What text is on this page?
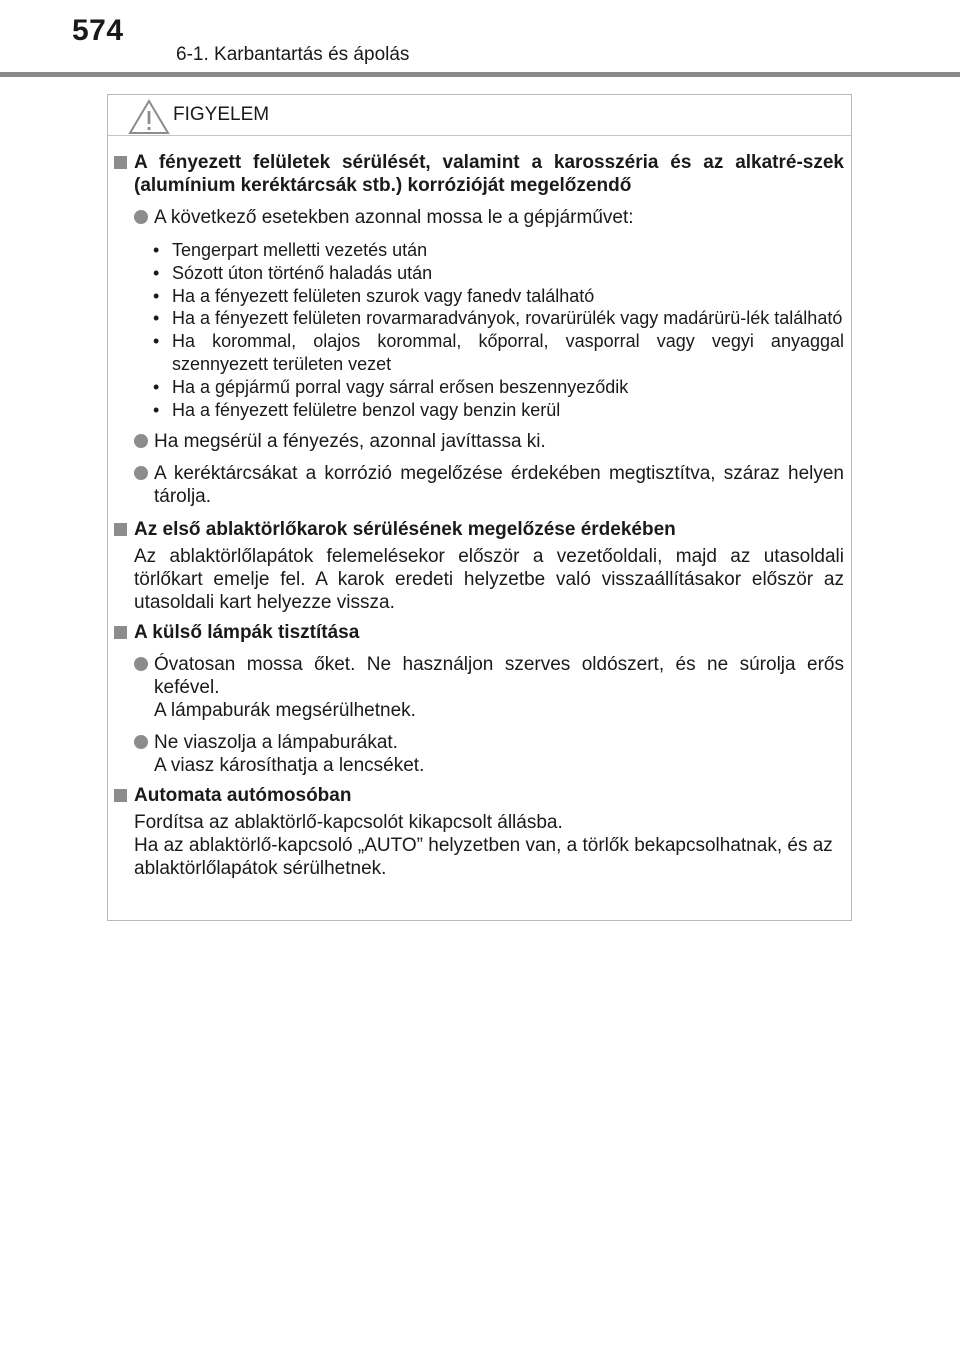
574
6-1. Karbantartás és ápolás
FIGYELEM
A fényezett felületek sérülését, valamint a karosszéria és az alkatré-szek (alumínium keréktárcsák stb.) korrózióját megelőzendő
A következő esetekben azonnal mossa le a gépjárművet:
• Tengerpart melletti vezetés után
• Sózott úton történő haladás után
• Ha a fényezett felületen szurok vagy fanedv található
• Ha a fényezett felületen rovarmaradványok, rovarürülék vagy madárürü-lék található
• Ha korommal, olajos korommal, kőporral, vasporral vagy vegyi anyaggal szennyezett területen vezet
• Ha a gépjármű porral vagy sárral erősen beszennyeződik
• Ha a fényezett felületre benzol vagy benzin kerül
Ha megsérül a fényezés, azonnal javíttassa ki.
A keréktárcsákat a korrózió megelőzése érdekében megtisztítva, száraz helyen tárolja.
Az első ablaktörlőkarok sérülésének megelőzése érdekében
Az ablaktörlőlapátok felemelésekor először a vezetőoldali, majd az utasoldali törlőkart emelje fel. A karok eredeti helyzetbe való visszaállításakor először az utasoldali kart helyezze vissza.
A külső lámpák tisztítása
Óvatosan mossa őket. Ne használjon szerves oldószert, és ne súrolja erős kefével.
A lámpaburák megsérülhetnek.
Ne viaszolja a lámpaburákat.
A viasz károsíthatja a lencséket.
Automata autómosóban
Fordítsa az ablaktörlő-kapcsolót kikapcsolt állásba.
Ha az ablaktörlő-kapcsoló „AUTO” helyzetben van, a törlők bekapcsolhatnak, és az ablaktörlőlapátok sérülhetnek.
